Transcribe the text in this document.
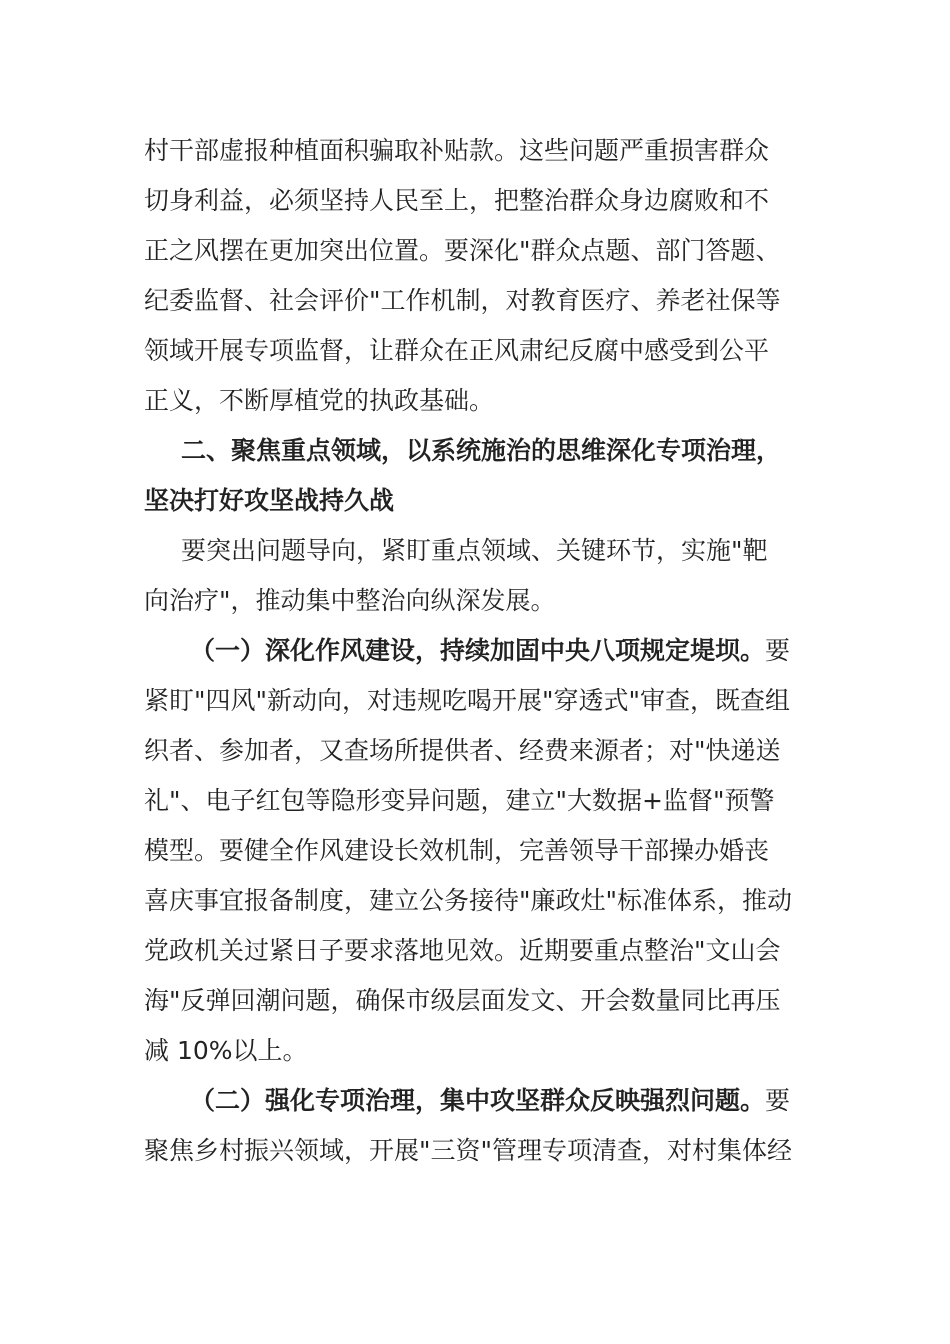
村干部虚报种植面积骗取补贴款。这些问题严重损害群众
切身利益，必须坚持人民至上，把整治群众身边腐败和不
正之风摆在更加突出位置。要深化"群众点题、部门答题、
纪委监督、社会评价"工作机制，对教育医疗、养老社保等
领域开展专项监督，让群众在正风肃纪反腐中感受到公平
正义，不断厚植党的执政基础。
二、聚焦重点领域，以系统施治的思维深化专项治理，
坚决打好攻坚战持久战
要突出问题导向，紧盯重点领域、关键环节，实施"靶
向治疗"，推动集中整治向纵深发展。
（一）深化作风建设，持续加固中央八项规定堤坝。要
紧盯"四风"新动向，对违规吃喝开展"穿透式"审查，既查组
织者、参加者，又查场所提供者、经费来源者；对"快递送
礼"、电子红包等隐形变异问题，建立"大数据+监督"预警
模型。要健全作风建设长效机制，完善领导干部操办婚丧
喜庆事宜报备制度，建立公务接待"廉政灶"标准体系，推动
党政机关过紧日子要求落地见效。近期要重点整治"文山会
海"反弹回潮问题，确保市级层面发文、开会数量同比再压
减 10%以上。
（二）强化专项治理，集中攻坚群众反映强烈问题。要
聚焦乡村振兴领域，开展"三资"管理专项清查，对村集体经
